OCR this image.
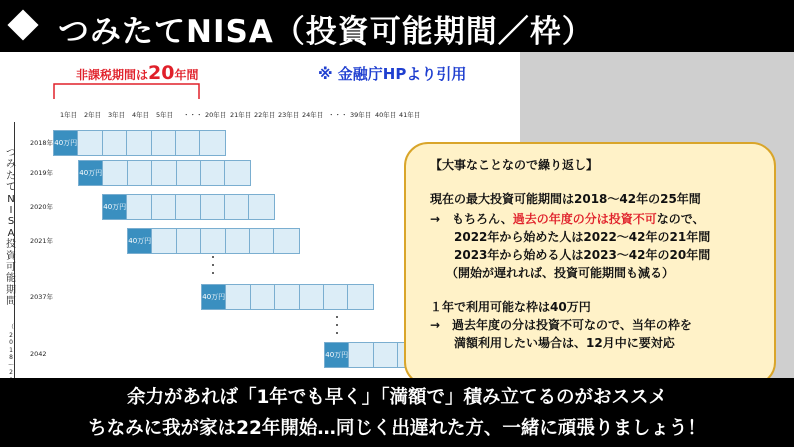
つみたてNISA（投資可能期間／枠）
非課税期間は20年間	※ 金融庁HPより引用
1年目 2年目 3年目 4年目 5年目 ・・・ 20年目 21年目 22年目 23年目 24年目 ・・・ 39年目 40年目 41年目
つ
み
た
て
N
I
S
A
投
資
可
能
期
間
（
2
0
1
8
〜
2
2018年 40万円
2019年	40万円
2020年	40万円
2021年	40万円
2037年	40万円
2042	40万円
【大事なことなので繰り返し】
現在の最大投資可能期間は2018〜42年の25年間
→　もちろん、過去の年度の分は投資不可なので、
2022年から始めた人は2022〜42年の21年間
2023年から始める人は2023〜42年の20年間
（開始が遅れれば、投資可能期間も減る）
１年で利用可能な枠は40万円
→　過去年度の分は投資不可なので、当年の枠を
満額利用したい場合は、12月中に要対応
余力があれば「1年でも早く」「満額で」積み立てるのがおススメ
ちなみに我が家は22年開始…同じく出遅れた方、一緒に頑張りましょう！
